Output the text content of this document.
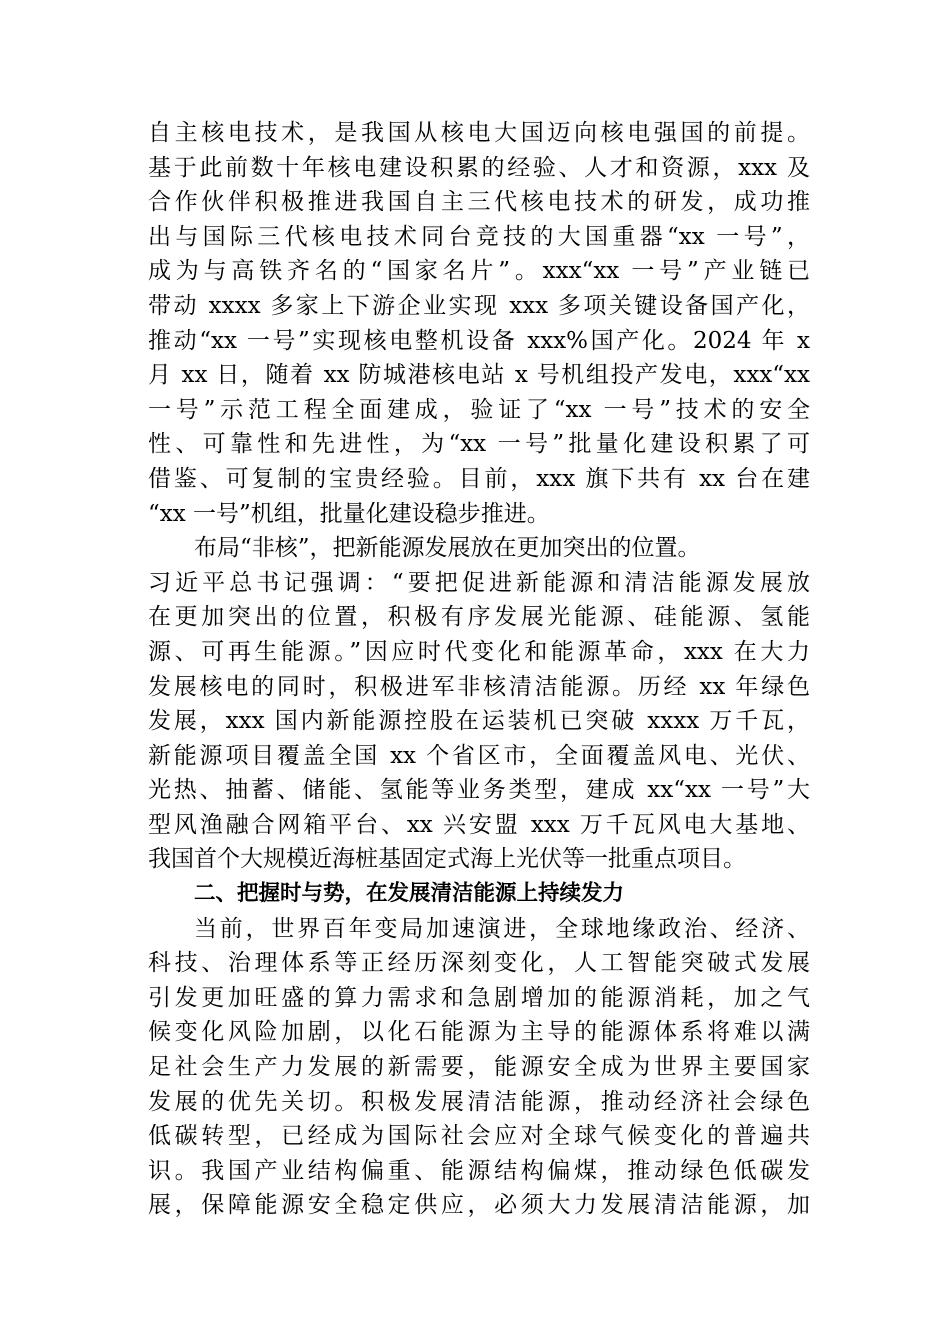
自主核电技术，是我国从核电大国迈向核电强国的前提。
基于此前数十年核电建设积累的经验、人才和资源，xxx 及
合作伙伴积极推进我国自主三代核电技术的研发，成功推
出与国际三代核电技术同台竞技的大国重器“xx 一号”，
成为与高铁齐名的“国家名片”。xxx“xx 一号”产业链已
带动 xxxx 多家上下游企业实现 xxx 多项关键设备国产化，
推动“xx 一号”实现核电整机设备 xxx%国产化。2024 年 x
月 xx 日，随着 xx 防城港核电站 x 号机组投产发电，xxx“xx
一号”示范工程全面建成，验证了“xx 一号”技术的安全
性、可靠性和先进性，为“xx 一号”批量化建设积累了可
借鉴、可复制的宝贵经验。目前，xxx 旗下共有 xx 台在建
“xx 一号”机组，批量化建设稳步推进。
布局“非核”，把新能源发展放在更加突出的位置。
习近平总书记强调：“要把促进新能源和清洁能源发展放
在更加突出的位置，积极有序发展光能源、硅能源、氢能
源、可再生能源。”因应时代变化和能源革命，xxx 在大力
发展核电的同时，积极进军非核清洁能源。历经 xx 年绿色
发展，xxx 国内新能源控股在运装机已突破 xxxx 万千瓦，
新能源项目覆盖全国 xx 个省区市，全面覆盖风电、光伏、
光热、抽蓄、储能、氢能等业务类型，建成 xx“xx 一号”大
型风渔融合网箱平台、xx 兴安盟 xxx 万千瓦风电大基地、
我国首个大规模近海桩基固定式海上光伏等一批重点项目。
二、把握时与势，在发展清洁能源上持续发力
当前，世界百年变局加速演进，全球地缘政治、经济、
科技、治理体系等正经历深刻变化，人工智能突破式发展
引发更加旺盛的算力需求和急剧增加的能源消耗，加之气
候变化风险加剧，以化石能源为主导的能源体系将难以满
足社会生产力发展的新需要，能源安全成为世界主要国家
发展的优先关切。积极发展清洁能源，推动经济社会绿色
低碳转型，已经成为国际社会应对全球气候变化的普遍共
识。我国产业结构偏重、能源结构偏煤，推动绿色低碳发
展，保障能源安全稳定供应，必须大力发展清洁能源，加
